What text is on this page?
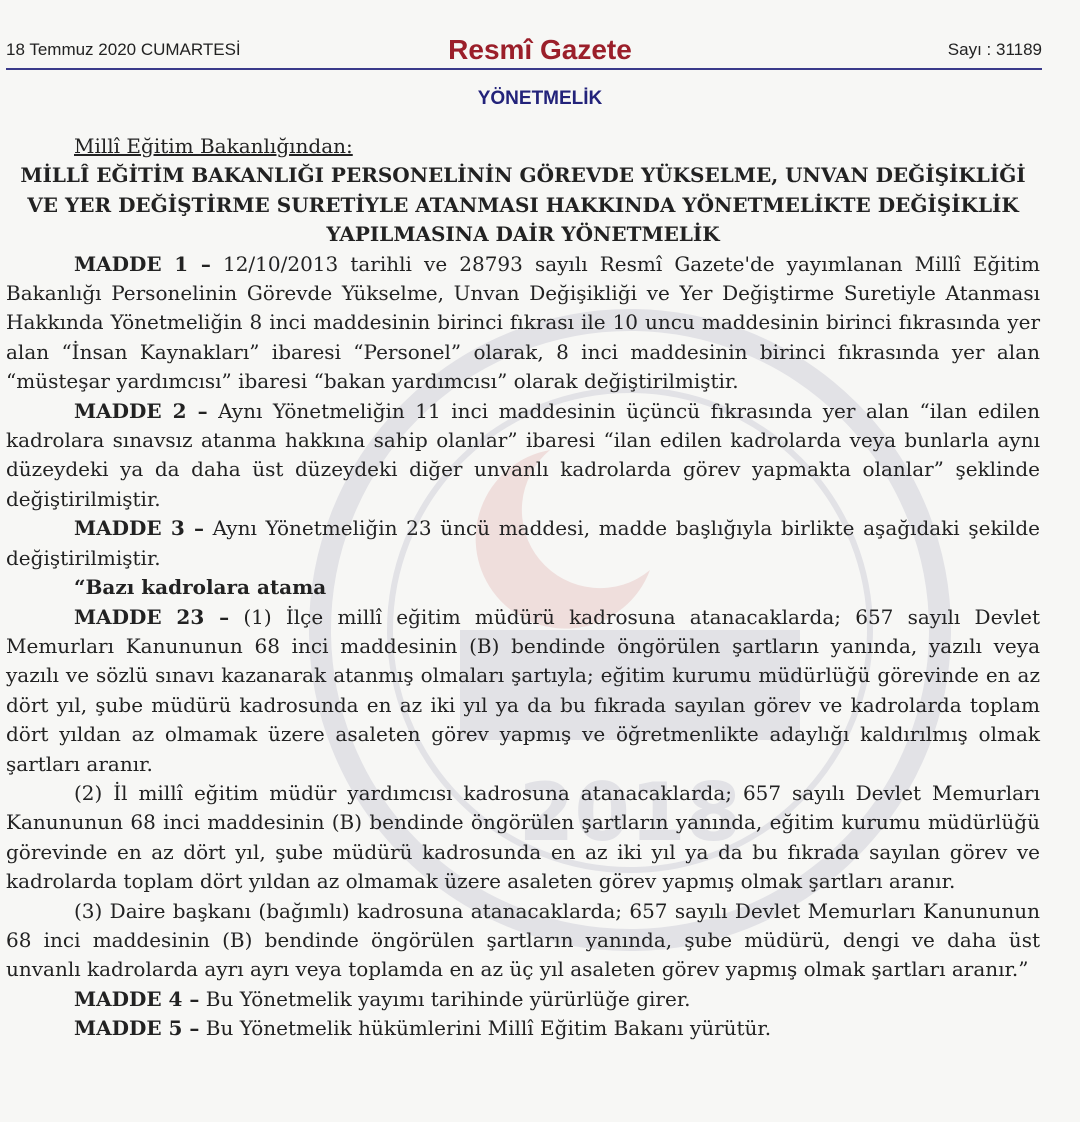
2018
18 Temmuz 2020 CUMARTESİ	Resmî Gazete	Sayı : 31189
YÖNETMELİK

Millî Eğitim Bakanlığından:

MİLLÎ EĞİTİM BAKANLIĞI PERSONELİNİN GÖREVDE YÜKSELME, UNVAN DEĞİŞİKLİĞİ VE YER DEĞİŞTİRME SURETİYLE ATANMASI HAKKINDA YÖNETMELİKTE DEĞİŞİKLİK YAPILMASINA DAİR YÖNETMELİK

MADDE 1 – 12/10/2013 tarihli ve 28793 sayılı Resmî Gazete'de yayımlanan Millî Eğitim Bakanlığı Personelinin Görevde Yükselme, Unvan Değişikliği ve Yer Değiştirme Suretiyle Atanması Hakkında Yönetmeliğin 8 inci maddesinin birinci fıkrası ile 10 uncu maddesinin birinci fıkrasında yer alan “İnsan Kaynakları” ibaresi “Personel” olarak, 8 inci maddesinin birinci fıkrasında yer alan “müsteşar yardımcısı” ibaresi “bakan yardımcısı” olarak değiştirilmiştir.

MADDE 2 – Aynı Yönetmeliğin 11 inci maddesinin üçüncü fıkrasında yer alan “ilan edilen kadrolara sınavsız atanma hakkına sahip olanlar” ibaresi “ilan edilen kadrolarda veya bunlarla aynı düzeydeki ya da daha üst düzeydeki diğer unvanlı kadrolarda görev yapmakta olanlar” şeklinde değiştirilmiştir.

MADDE 3 – Aynı Yönetmeliğin 23 üncü maddesi, madde başlığıyla birlikte aşağıdaki şekilde değiştirilmiştir.

“Bazı kadrolara atama

MADDE 23 – (1) İlçe millî eğitim müdürü kadrosuna atanacaklarda; 657 sayılı Devlet Memurları Kanununun 68 inci maddesinin (B) bendinde öngörülen şartların yanında, yazılı veya yazılı ve sözlü sınavı kazanarak atanmış olmaları şartıyla; eğitim kurumu müdürlüğü görevinde en az dört yıl, şube müdürü kadrosunda en az iki yıl ya da bu fıkrada sayılan görev ve kadrolarda toplam dört yıldan az olmamak üzere asaleten görev yapmış ve öğretmenlikte adaylığı kaldırılmış olmak şartları aranır.

(2) İl millî eğitim müdür yardımcısı kadrosuna atanacaklarda; 657 sayılı Devlet Memurları Kanununun 68 inci maddesinin (B) bendinde öngörülen şartların yanında, eğitim kurumu müdürlüğü görevinde en az dört yıl, şube müdürü kadrosunda en az iki yıl ya da bu fıkrada sayılan görev ve kadrolarda toplam dört yıldan az olmamak üzere asaleten görev yapmış olmak şartları aranır.

(3) Daire başkanı (bağımlı) kadrosuna atanacaklarda; 657 sayılı Devlet Memurları Kanununun 68 inci maddesinin (B) bendinde öngörülen şartların yanında, şube müdürü, dengi ve daha üst unvanlı kadrolarda ayrı ayrı veya toplamda en az üç yıl asaleten görev yapmış olmak şartları aranır.”

MADDE 4 – Bu Yönetmelik yayımı tarihinde yürürlüğe girer.

MADDE 5 – Bu Yönetmelik hükümlerini Millî Eğitim Bakanı yürütür.
